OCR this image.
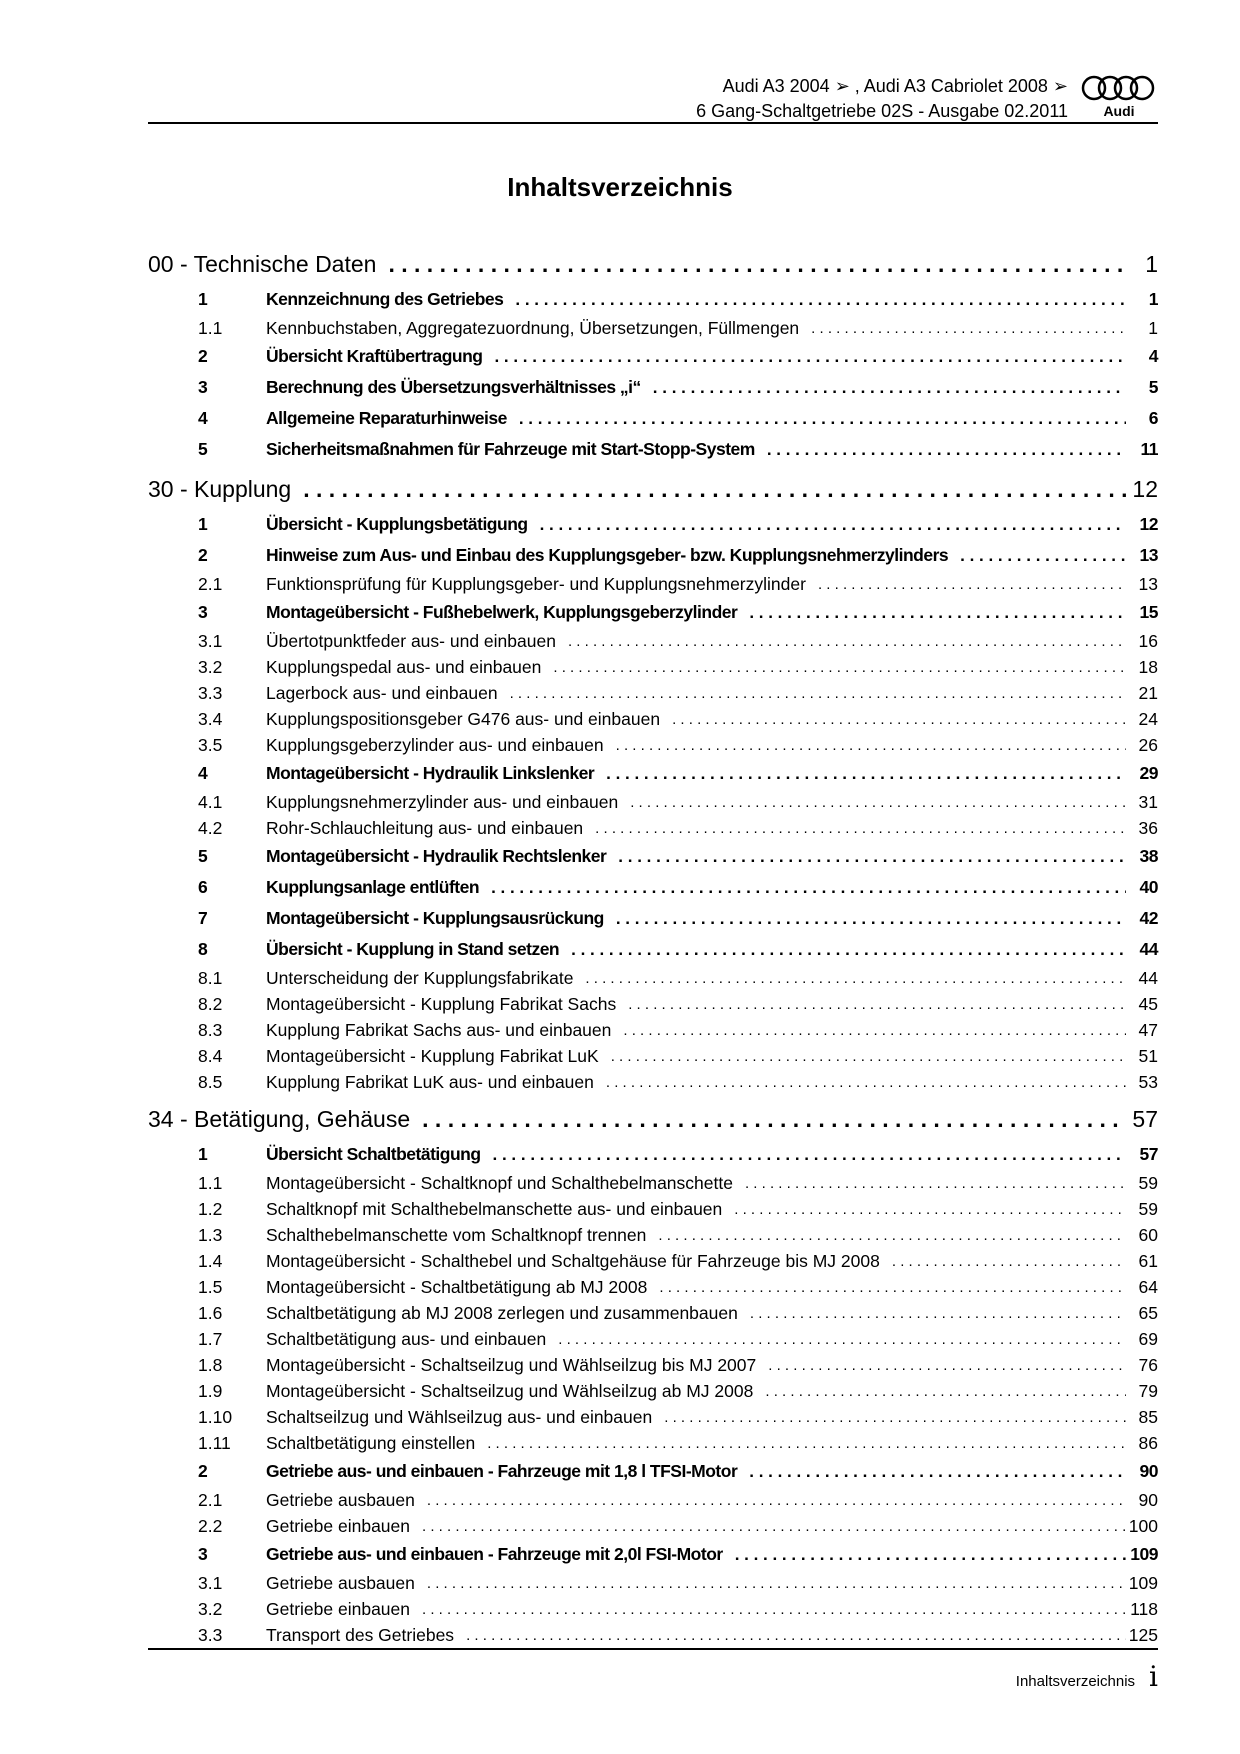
Audi A3 2004 ➢ , Audi A3 Cabriolet 2008 ➢
6 Gang-Schaltgetriebe 02S - Ausgabe 02.2011	Audi
Inhaltsverzeichnis
00 - Technische Daten . . .	1
1	Kennzeichnung des Getriebes . . .	1
1.1	Kennbuchstaben, Aggregatezuordnung, Übersetzungen, Füllmengen . . .	1
2	Übersicht Kraftübertragung . . .	4
3	Berechnung des Übersetzungsverhältnisses „i“ . . .	5
4	Allgemeine Reparaturhinweise . . .	6
5	Sicherheitsmaßnahmen für Fahrzeuge mit Start-Stopp-System . . .	11
30 - Kupplung . . .	12
1	Übersicht - Kupplungsbetätigung . . .	12
2	Hinweise zum Aus- und Einbau des Kupplungsgeber- bzw. Kupplungsnehmerzylinders . . .	13
2.1	Funktionsprüfung für Kupplungsgeber- und Kupplungsnehmerzylinder . . .	13
3	Montageübersicht - Fußhebelwerk, Kupplungsgeberzylinder . . .	15
3.1	Übertotpunktfeder aus- und einbauen . . .	16
3.2	Kupplungspedal aus- und einbauen . . .	18
3.3	Lagerbock aus- und einbauen . . .	21
3.4	Kupplungspositionsgeber G476 aus- und einbauen . . .	24
3.5	Kupplungsgeberzylinder aus- und einbauen . . .	26
4	Montageübersicht - Hydraulik Linkslenker . . .	29
4.1	Kupplungsnehmerzylinder aus- und einbauen . . .	31
4.2	Rohr-Schlauchleitung aus- und einbauen . . .	36
5	Montageübersicht - Hydraulik Rechtslenker . . .	38
6	Kupplungsanlage entlüften . . .	40
7	Montageübersicht - Kupplungsausrückung . . .	42
8	Übersicht - Kupplung in Stand setzen . . .	44
8.1	Unterscheidung der Kupplungsfabrikate . . .	44
8.2	Montageübersicht - Kupplung Fabrikat Sachs . . .	45
8.3	Kupplung Fabrikat Sachs aus- und einbauen . . .	47
8.4	Montageübersicht - Kupplung Fabrikat LuK . . .	51
8.5	Kupplung Fabrikat LuK aus- und einbauen . . .	53
34 - Betätigung, Gehäuse . . .	57
1	Übersicht Schaltbetätigung . . .	57
1.1	Montageübersicht - Schaltknopf und Schalthebelmanschette . . .	59
1.2	Schaltknopf mit Schalthebelmanschette aus- und einbauen . . .	59
1.3	Schalthebelmanschette vom Schaltknopf trennen . . .	60
1.4	Montageübersicht - Schalthebel und Schaltgehäuse für Fahrzeuge bis MJ 2008 . . .	61
1.5	Montageübersicht - Schaltbetätigung ab MJ 2008 . . .	64
1.6	Schaltbetätigung ab MJ 2008 zerlegen und zusammenbauen . . .	65
1.7	Schaltbetätigung aus- und einbauen . . .	69
1.8	Montageübersicht - Schaltseilzug und Wählseilzug bis MJ 2007 . . .	76
1.9	Montageübersicht - Schaltseilzug und Wählseilzug ab MJ 2008 . . .	79
1.10	Schaltseilzug und Wählseilzug aus- und einbauen . . .	85
1.11	Schaltbetätigung einstellen . . .	86
2	Getriebe aus- und einbauen - Fahrzeuge mit 1,8 l TFSI-Motor . . .	90
2.1	Getriebe ausbauen . . .	90
2.2	Getriebe einbauen . . .	100
3	Getriebe aus- und einbauen - Fahrzeuge mit 2,0l FSI-Motor . . .	109
3.1	Getriebe ausbauen . . .	109
3.2	Getriebe einbauen . . .	118
3.3	Transport des Getriebes . . .	125
Inhaltsverzeichnis i
